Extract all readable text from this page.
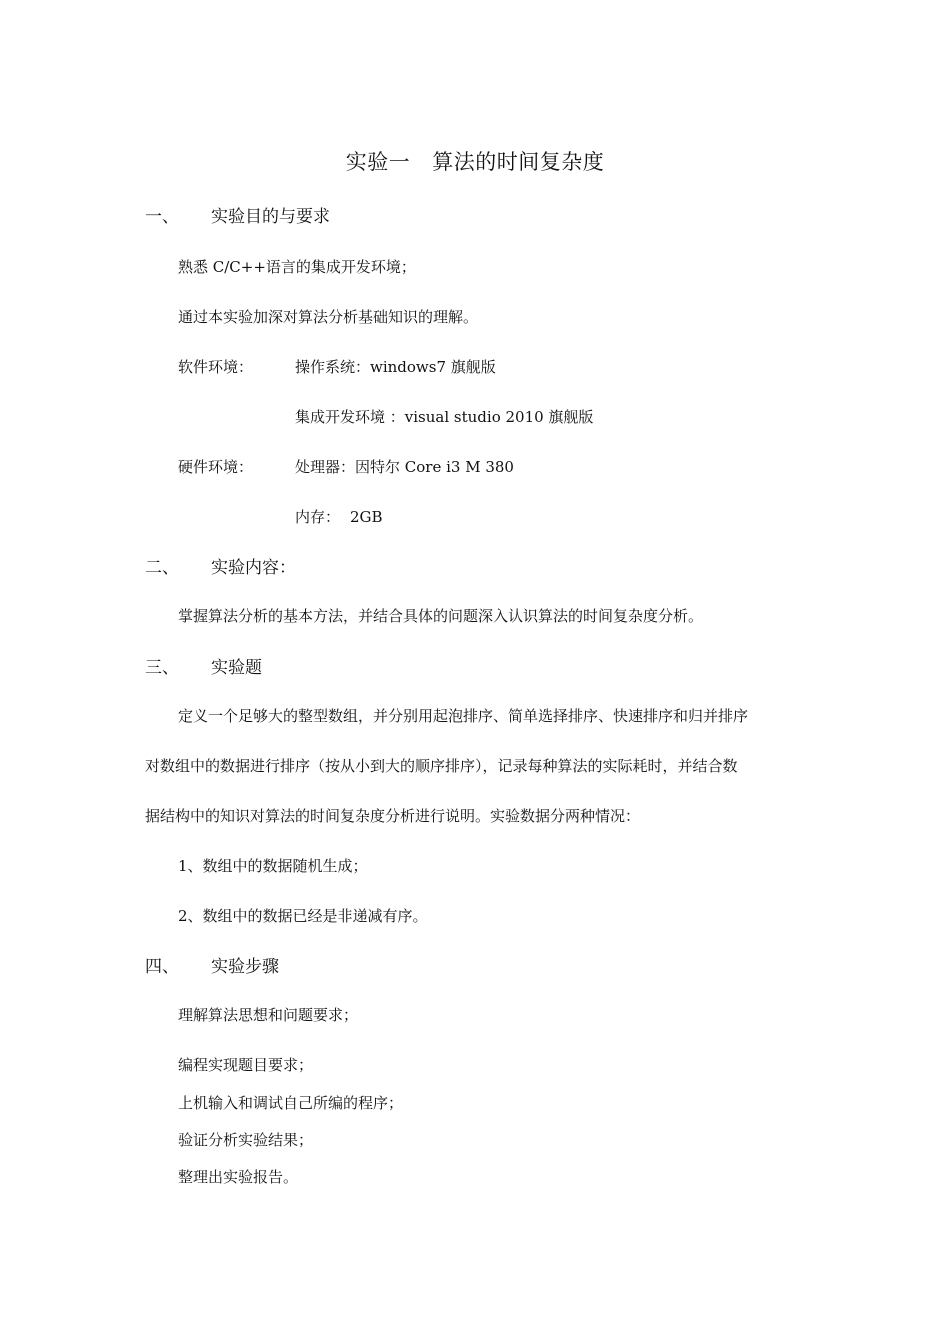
实验一 算法的时间复杂度
一、 实验目的与要求
熟悉 C/C++语言的集成开发环境；
通过本实验加深对算法分析基础知识的理解。
软件环境：	操作系统：windows7 旗舰版
集成开发环境 ：visual studio 2010 旗舰版
硬件环境：	处理器：因特尔 Core i3 M 380
内存： 2GB
二、 实验内容：
掌握算法分析的基本方法，并结合具体的问题深入认识算法的时间复杂度分析。
三、 实验题
定义一个足够大的整型数组，并分别用起泡排序、简单选择排序、快速排序和归并排序
对数组中的数据进行排序（按从小到大的顺序排序），记录每种算法的实际耗时，并结合数
据结构中的知识对算法的时间复杂度分析进行说明。实验数据分两种情况：
1、数组中的数据随机生成；
2、数组中的数据已经是非递减有序。
四、 实验步骤
理解算法思想和问题要求；
编程实现题目要求；
上机输入和调试自己所编的程序；
验证分析实验结果；
整理出实验报告。
